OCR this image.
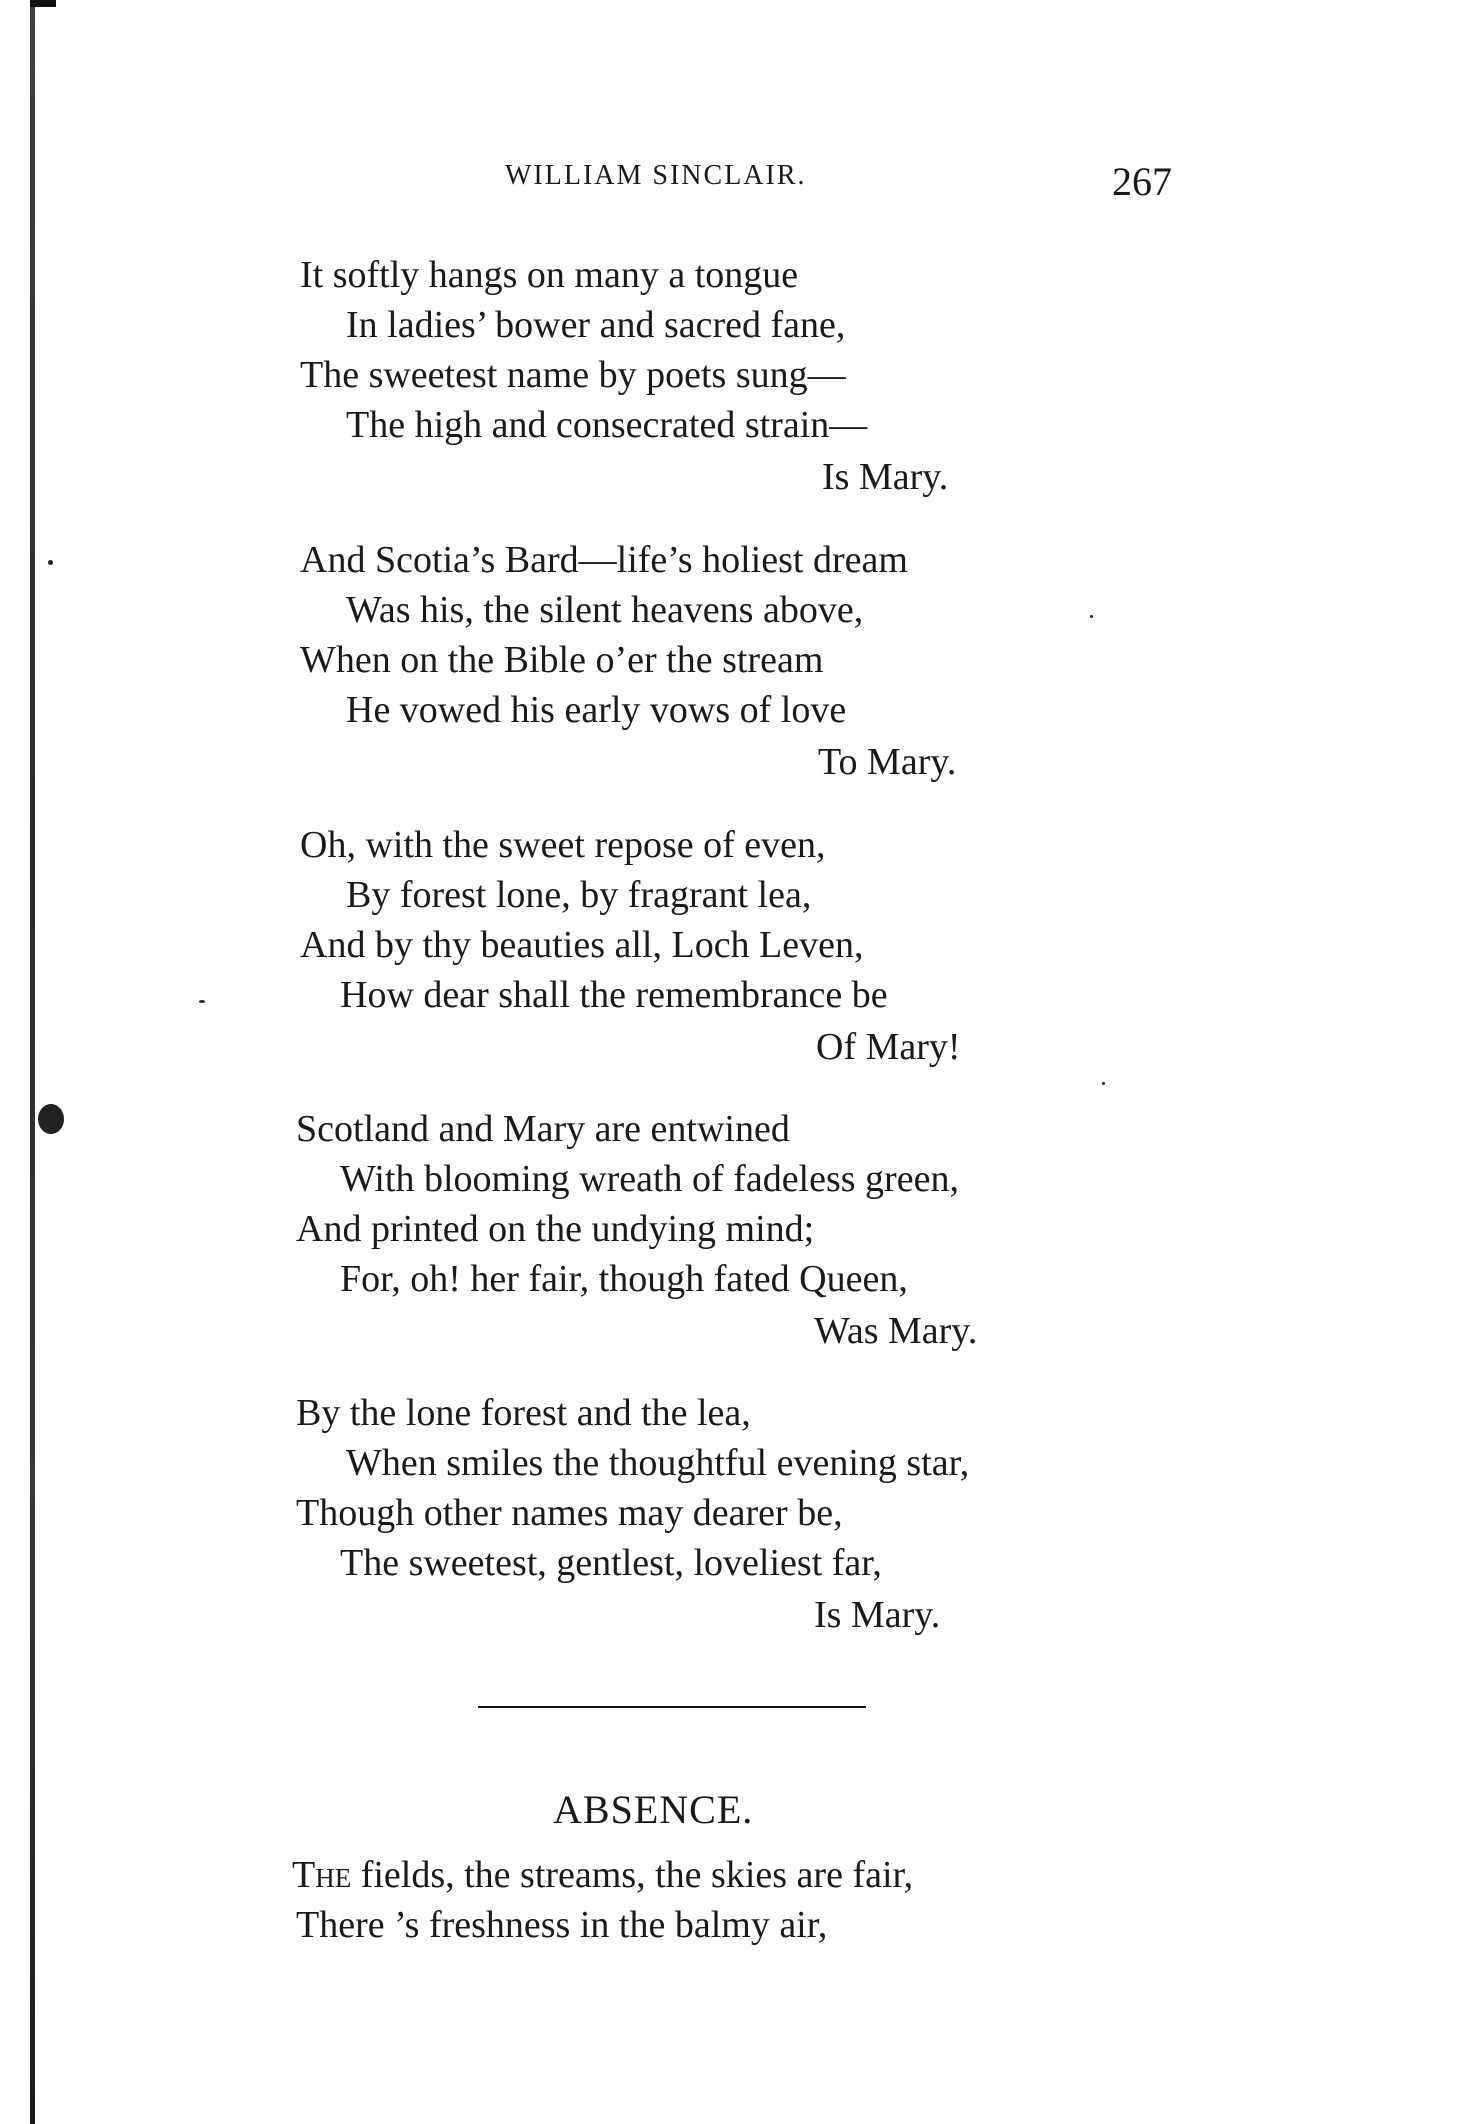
WILLIAM SINCLAIR.	267
It softly hangs on many a tongue
In ladies’ bower and sacred fane,
The sweetest name by poets sung—
The high and consecrated strain—
Is Mary.
And Scotia’s Bard—life’s holiest dream
Was his, the silent heavens above,
When on the Bible o’er the stream
He vowed his early vows of love
To Mary.
Oh, with the sweet repose of even,
By forest lone, by fragrant lea,
And by thy beauties all, Loch Leven,
How dear shall the remembrance be
Of Mary!
Scotland and Mary are entwined
With blooming wreath of fadeless green,
And printed on the undying mind;
For, oh! her fair, though fated Queen,
Was Mary.
By the lone forest and the lea,
When smiles the thoughtful evening star,
Though other names may dearer be,
The sweetest, gentlest, loveliest far,
Is Mary.
ABSENCE.
The fields, the streams, the skies are fair,
There ’s freshness in the balmy air,
